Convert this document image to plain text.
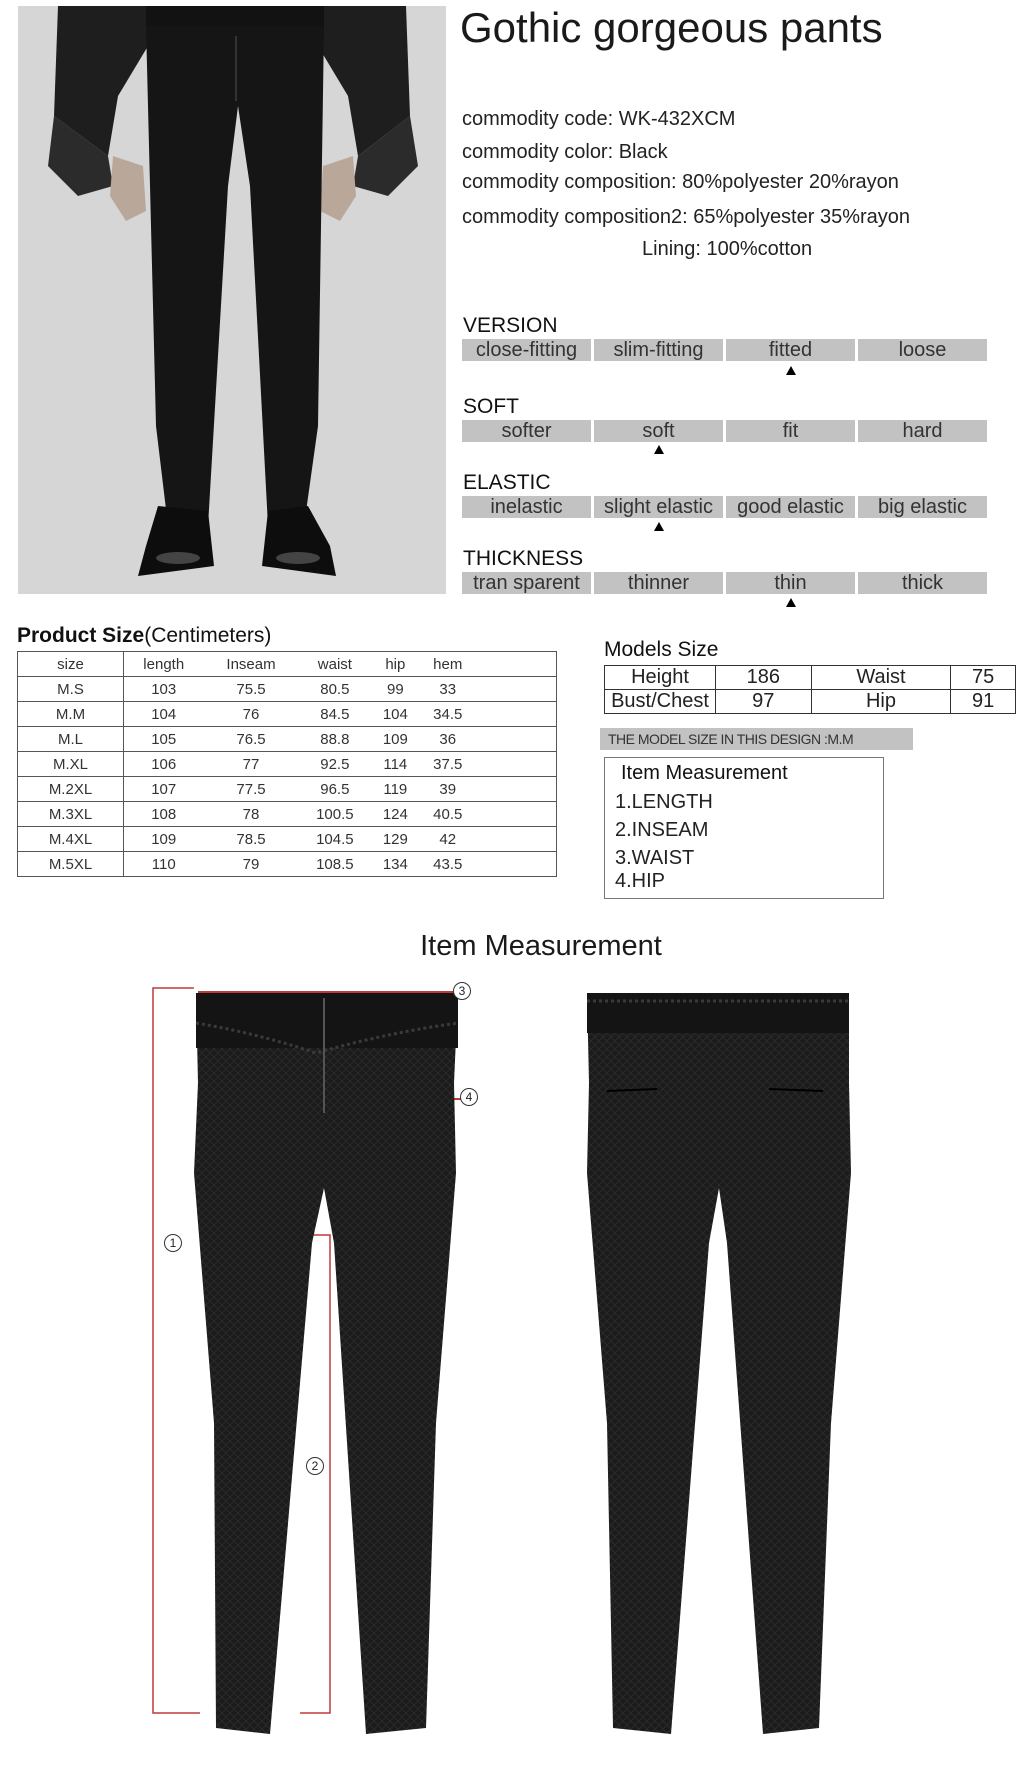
Gothic gorgeous pants
commodity code: WK-432XCM
commodity color: Black
commodity composition: 80%polyester 20%rayon
commodity composition2: 65%polyester 35%rayon
Lining: 100%cotton
VERSION
close-fitting	slim-fitting	fitted	loose
SOFT
softer	soft	fit	hard
ELASTIC
inelastic	slight elastic	good elastic	big elastic
THICKNESS
tran sparent	thinner	thin	thick
Product Size(Centimeters)
size	length	Inseam	waist	hip	hem	
M.S	103	75.5	80.5	99	33	
M.M	104	76	84.5	104	34.5	
M.L	105	76.5	88.8	109	36	
M.XL	106	77	92.5	114	37.5	
M.2XL	107	77.5	96.5	119	39	
M.3XL	108	78	100.5	124	40.5	
M.4XL	109	78.5	104.5	129	42	
M.5XL	110	79	108.5	134	43.5	
Models Size
Height	186	Waist	75
Bust/Chest	97	Hip	91
THE MODEL SIZE IN THIS DESIGN :M.M
Item Measurement
1.LENGTH
2.INSEAM
3.WAIST
4.HIP
Item Measurement
3
4
1
2
